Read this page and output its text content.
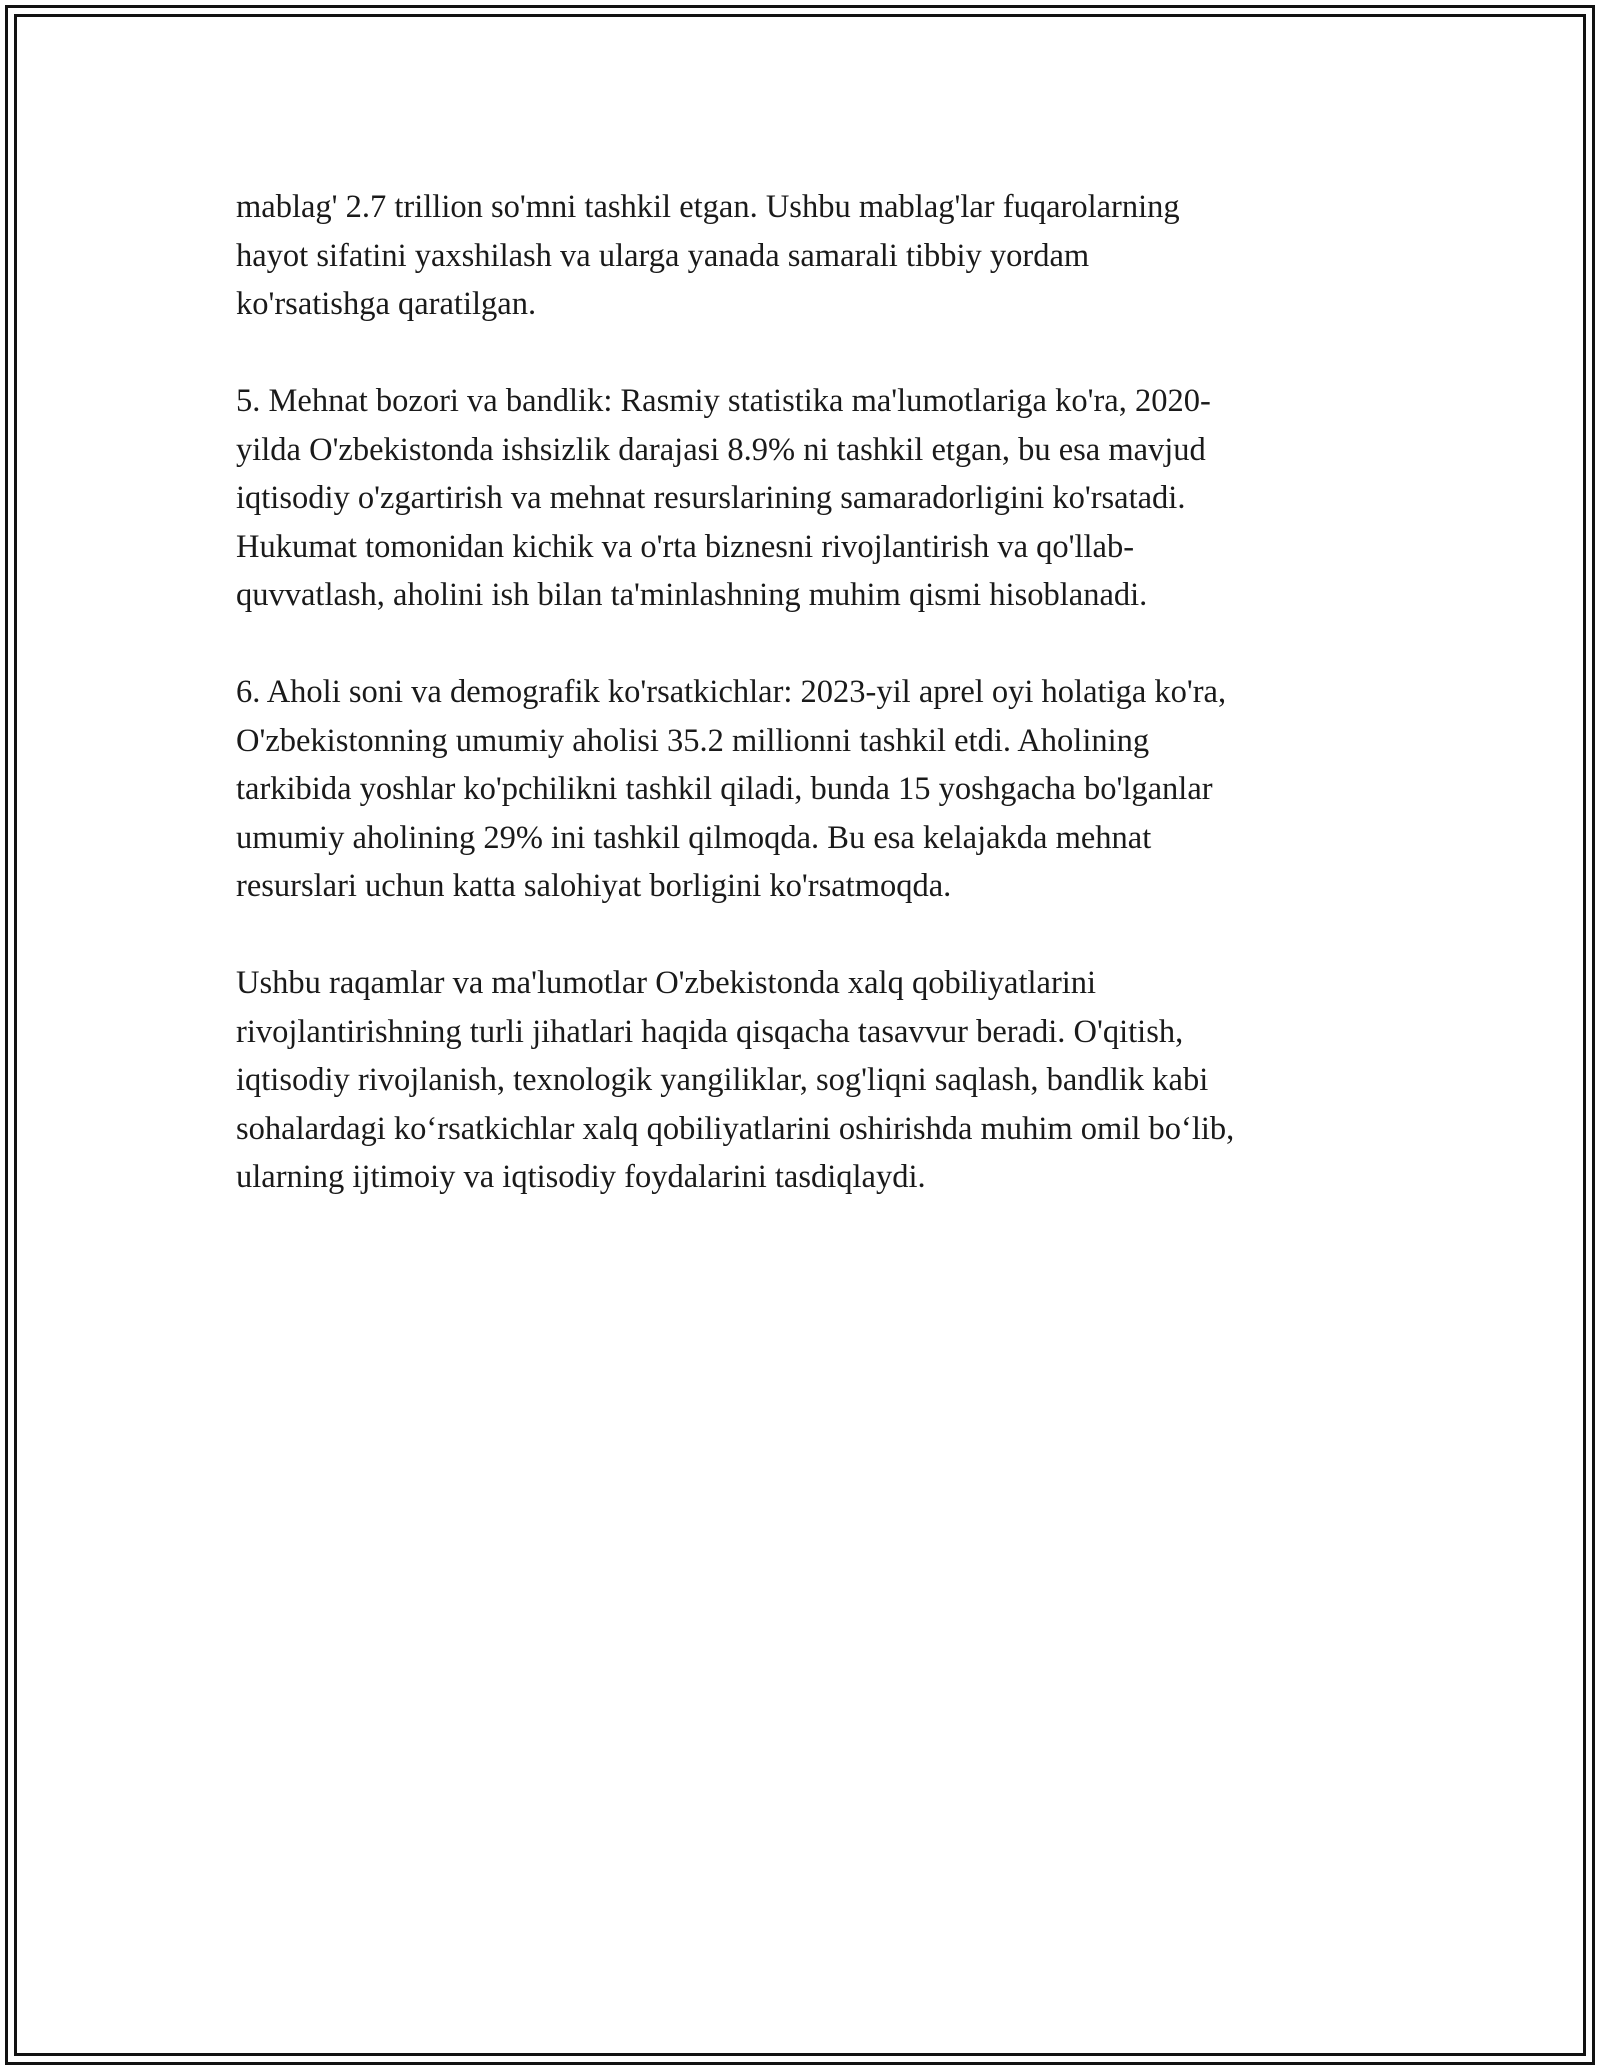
mablag' 2.7 trillion so'mni tashkil etgan. Ushbu mablag'lar fuqarolarning
hayot sifatini yaxshilash va ularga yanada samarali tibbiy yordam
ko'rsatishga qaratilgan.

5. Mehnat bozori va bandlik: Rasmiy statistika ma'lumotlariga ko'ra, 2020-
yilda O'zbekistonda ishsizlik darajasi 8.9% ni tashkil etgan, bu esa mavjud
iqtisodiy o'zgartirish va mehnat resurslarining samaradorligini ko'rsatadi.
Hukumat tomonidan kichik va o'rta biznesni rivojlantirish va qo'llab-
quvvatlash, aholini ish bilan ta'minlashning muhim qismi hisoblanadi.

6. Aholi soni va demografik ko'rsatkichlar: 2023-yil aprel oyi holatiga ko'ra,
O'zbekistonning umumiy aholisi 35.2 millionni tashkil etdi. Aholining
tarkibida yoshlar ko'pchilikni tashkil qiladi, bunda 15 yoshgacha bo'lganlar
umumiy aholining 29% ini tashkil qilmoqda. Bu esa kelajakda mehnat
resurslari uchun katta salohiyat borligini ko'rsatmoqda.

Ushbu raqamlar va ma'lumotlar O'zbekistonda xalq qobiliyatlarini
rivojlantirishning turli jihatlari haqida qisqacha tasavvur beradi. O'qitish,
iqtisodiy rivojlanish, texnologik yangiliklar, sog'liqni saqlash, bandlik kabi
sohalardagi ko‘rsatkichlar xalq qobiliyatlarini oshirishda muhim omil bo‘lib,
ularning ijtimoiy va iqtisodiy foydalarini tasdiqlaydi.
